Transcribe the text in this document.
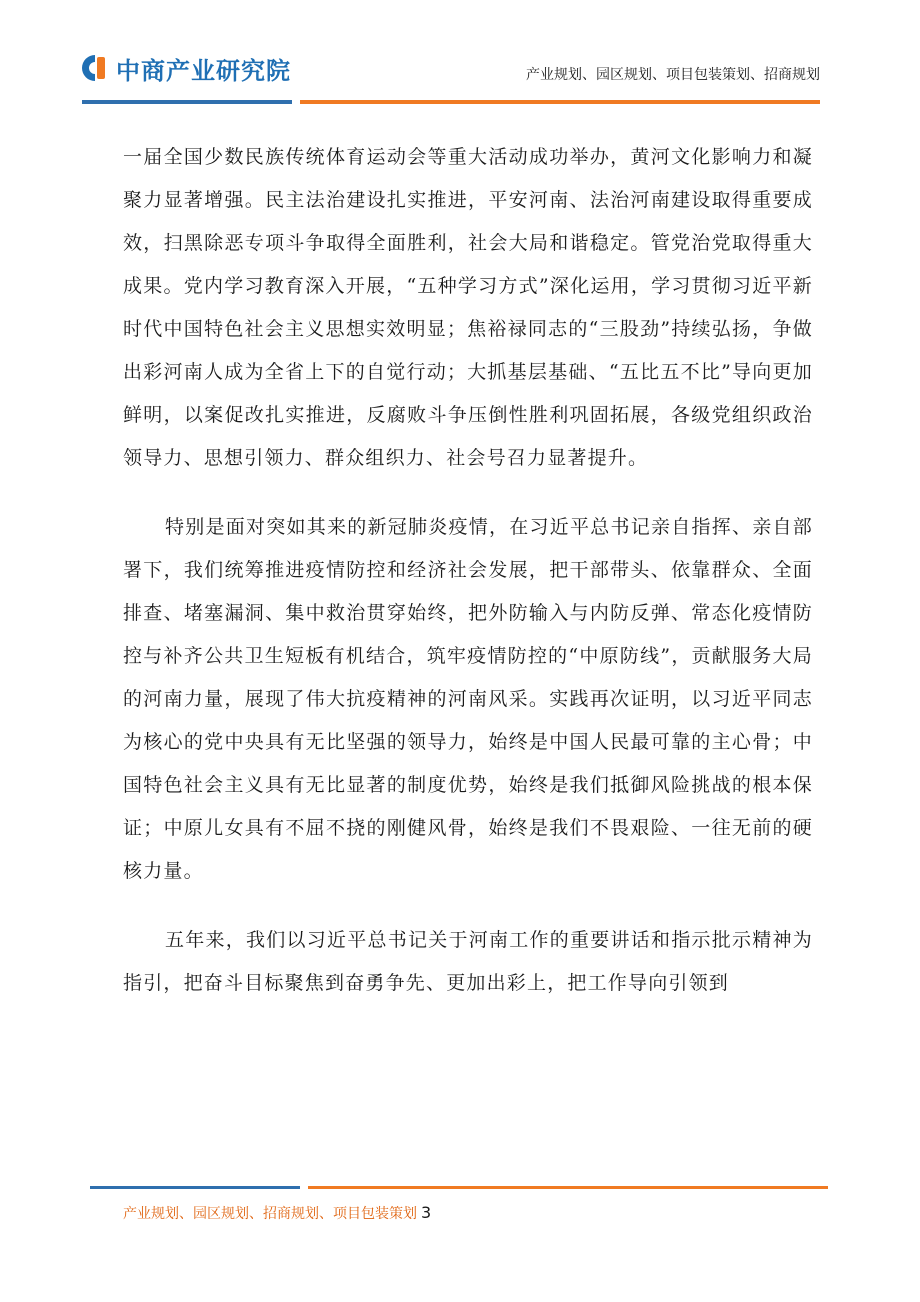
中商产业研究院	产业规划、园区规划、项目包装策划、招商规划

一届全国少数民族传统体育运动会等重大活动成功举办，黄河文化影响力和凝聚力显著增强。民主法治建设扎实推进，平安河南、法治河南建设取得重要成效，扫黑除恶专项斗争取得全面胜利，社会大局和谐稳定。管党治党取得重大成果。党内学习教育深入开展，“五种学习方式”深化运用，学习贯彻习近平新时代中国特色社会主义思想实效明显；焦裕禄同志的“三股劲”持续弘扬，争做出彩河南人成为全省上下的自觉行动；大抓基层基础、“五比五不比”导向更加鲜明，以案促改扎实推进，反腐败斗争压倒性胜利巩固拓展，各级党组织政治领导力、思想引领力、群众组织力、社会号召力显著提升。

特别是面对突如其来的新冠肺炎疫情，在习近平总书记亲自指挥、亲自部署下，我们统筹推进疫情防控和经济社会发展，把干部带头、依靠群众、全面排查、堵塞漏洞、集中救治贯穿始终，把外防输入与内防反弹、常态化疫情防控与补齐公共卫生短板有机结合，筑牢疫情防控的“中原防线”，贡献服务大局的河南力量，展现了伟大抗疫精神的河南风采。实践再次证明，以习近平同志为核心的党中央具有无比坚强的领导力，始终是中国人民最可靠的主心骨；中国特色社会主义具有无比显著的制度优势，始终是我们抵御风险挑战的根本保证；中原儿女具有不屈不挠的刚健风骨，始终是我们不畏艰险、一往无前的硬核力量。

五年来，我们以习近平总书记关于河南工作的重要讲话和指示批示精神为指引，把奋斗目标聚焦到奋勇争先、更加出彩上，把工作导向引领到

产业规划、园区规划、招商规划、项目包装策划 3
